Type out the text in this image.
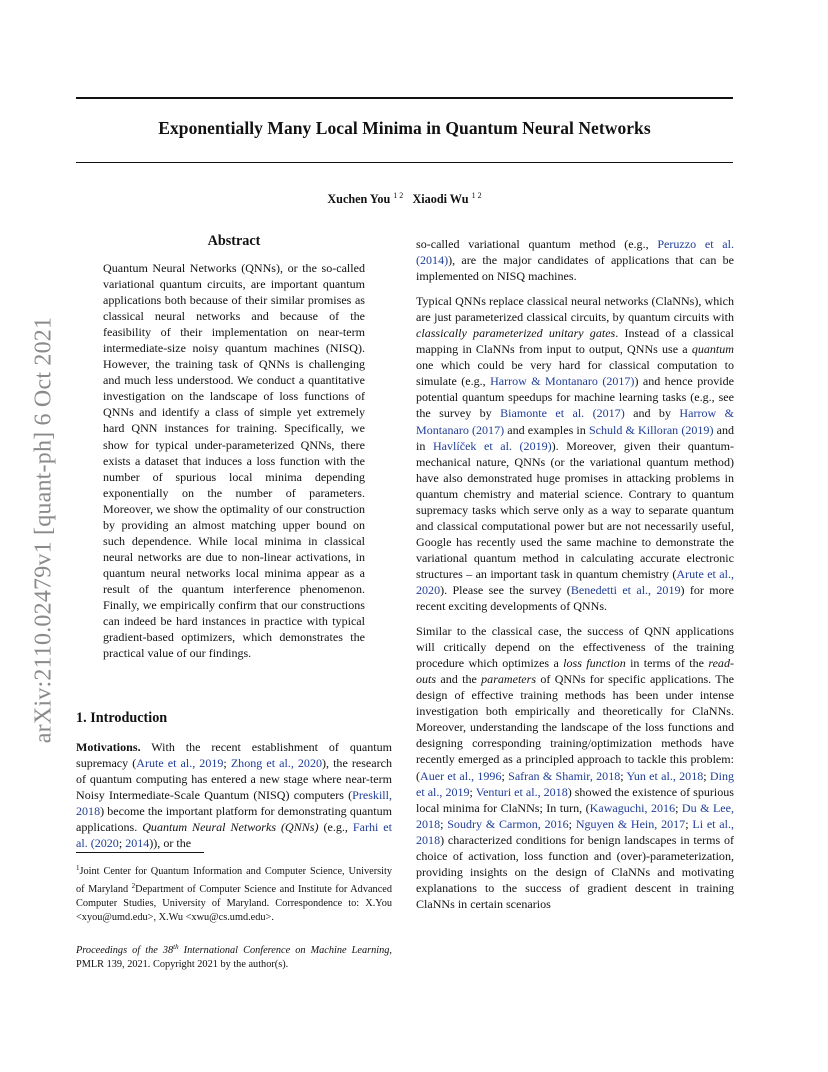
Exponentially Many Local Minima in Quantum Neural Networks
Xuchen You $^{1 2}$ Xiaodi Wu $^{1 2}$
arXiv:2110.02479v1 [quant-ph] 6 Oct 2021
Abstract

Quantum Neural Networks (QNNs), or the so-called variational quantum circuits, are important quantum applications both because of their similar promises as classical neural networks and because of the feasibility of their implementation on near-term intermediate-size noisy quantum machines (NISQ). However, the training task of QNNs is challenging and much less understood. We conduct a quantitative investigation on the landscape of loss functions of QNNs and identify a class of simple yet extremely hard QNN instances for training. Specifically, we show for typical under-parameterized QNNs, there exists a dataset that induces a loss function with the number of spurious local minima depending exponentially on the number of parameters. Moreover, we show the optimality of our construction by providing an almost matching upper bound on such dependence. While local minima in classical neural networks are due to non-linear activations, in quantum neural networks local minima appear as a result of the quantum interference phenomenon. Finally, we empirically confirm that our constructions can indeed be hard instances in practice with typical gradient-based optimizers, which demonstrates the practical value of our findings.

1. Introduction

Motivations. With the recent establishment of quantum supremacy (Arute et al., 2019; Zhong et al., 2020), the research of quantum computing has entered a new stage where near-term Noisy Intermediate-Scale Quantum (NISQ) computers (Preskill, 2018) become the important platform for demonstrating quantum applications. Quantum Neural Networks (QNNs) (e.g., Farhi et al. (2020; 2014)), or the

$^1$Joint Center for Quantum Information and Computer Science, University of Maryland $^2$Department of Computer Science and Institute for Advanced Computer Studies, University of Maryland. Correspondence to: X.You <xyou@umd.edu>, X.Wu <xwu@cs.umd.edu>.
Proceedings of the 38th International Conference on Machine Learning, PMLR 139, 2021. Copyright 2021 by the author(s).

so-called variational quantum method (e.g., Peruzzo et al. (2014)), are the major candidates of applications that can be implemented on NISQ machines.

Typical QNNs replace classical neural networks (ClaNNs), which are just parameterized classical circuits, by quantum circuits with classically parameterized unitary gates. Instead of a classical mapping in ClaNNs from input to output, QNNs use a quantum one which could be very hard for classical computation to simulate (e.g., Harrow & Montanaro (2017)) and hence provide potential quantum speedups for machine learning tasks (e.g., see the survey by Biamonte et al. (2017) and by Harrow & Montanaro (2017) and examples in Schuld & Killoran (2019) and in Havlíček et al. (2019)). Moreover, given their quantum-mechanical nature, QNNs (or the variational quantum method) have also demonstrated huge promises in attacking problems in quantum chemistry and material science. Contrary to quantum supremacy tasks which serve only as a way to separate quantum and classical computational power but are not necessarily useful, Google has recently used the same machine to demonstrate the variational quantum method in calculating accurate electronic structures – an important task in quantum chemistry (Arute et al., 2020). Please see the survey (Benedetti et al., 2019) for more recent exciting developments of QNNs.

Similar to the classical case, the success of QNN applications will critically depend on the effectiveness of the training procedure which optimizes a loss function in terms of the read-outs and the parameters of QNNs for specific applications. The design of effective training methods has been under intense investigation both empirically and theoretically for ClaNNs. Moreover, understanding the landscape of the loss functions and designing corresponding training/optimization methods have recently emerged as a principled approach to tackle this problem: (Auer et al., 1996; Safran & Shamir, 2018; Yun et al., 2018; Ding et al., 2019; Venturi et al., 2018) showed the existence of spurious local minima for ClaNNs; In turn, (Kawaguchi, 2016; Du & Lee, 2018; Soudry & Carmon, 2016; Nguyen & Hein, 2017; Li et al., 2018) characterized conditions for benign landscapes in terms of choice of activation, loss function and (over)-parameterization, providing insights on the design of ClaNNs and motivating explanations to the success of gradient descent in training ClaNNs in certain scenarios
